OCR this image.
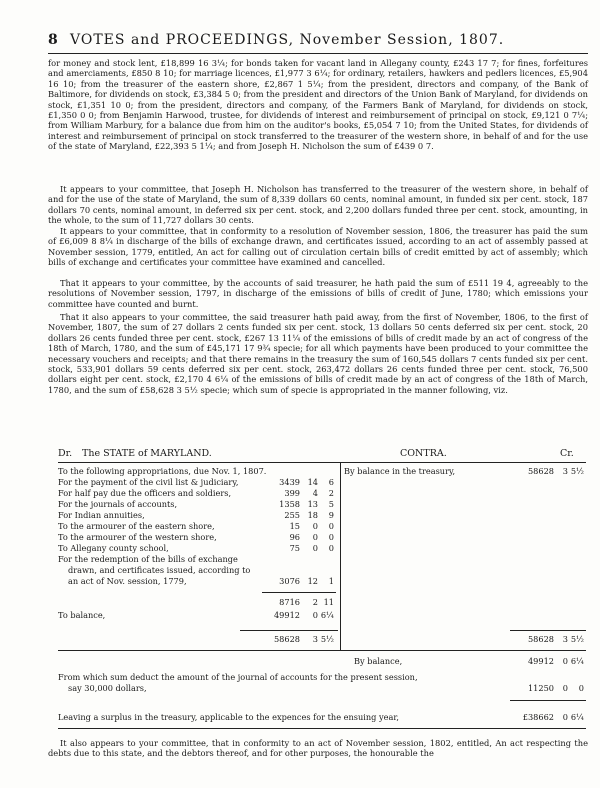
8 VOTES and PROCEEDINGS, November Session, 1807.

for money and stock lent, £18,899 16 3¼; for bonds taken for vacant land in Allegany county, £243 17 7; for fines, forfeitures and amerciaments, £850 8 10; for marriage licences, £1,977 3 6¼; for ordinary, retailers, hawkers and pedlers licences, £5,904 16 10; from the treasurer of the eastern shore, £2,867 1 5¼; from the president, directors and company, of the Bank of Baltimore, for dividends on stock, £3,384 5 0; from the president and directors of the Union Bank of Maryland, for dividends on stock, £1,351 10 0; from the president, directors and company, of the Farmers Bank of Maryland, for dividends on stock, £1,350 0 0; from Benjamin Harwood, trustee, for dividends of interest and reimbursement of principal on stock, £9,121 0 7¼; from William Marbury, for a balance due from him on the auditor's books, £5,054 7 10; from the United States, for dividends of interest and reimbursement of principal on stock transferred to the treasurer of the western shore, in behalf of and for the use of the state of Maryland, £22,393 5 1¼; and from Joseph H. Nicholson the sum of £439 0 7.

It appears to your committee, that Joseph H. Nicholson has transferred to the treasurer of the western shore, in behalf of and for the use of the state of Maryland, the sum of 8,339 dollars 60 cents, nominal amount, in funded six per cent. stock, 187 dollars 70 cents, nominal amount, in deferred six per cent. stock, and 2,200 dollars funded three per cent. stock, amounting, in the whole, to the sum of 11,727 dollars 30 cents.

It appears to your committee, that in conformity to a resolution of November session, 1806, the treasurer has paid the sum of £6,009 8 8¼ in discharge of the bills of exchange drawn, and certificates issued, according to an act of assembly passed at November session, 1779, entitled, An act for calling out of circulation certain bills of credit emitted by act of assembly; which bills of exchange and certificates your committee have examined and cancelled.

That it appears to your committee, by the accounts of said treasurer, he hath paid the sum of £511 19 4, agreeably to the resolutions of November session, 1797, in discharge of the emissions of bills of credit of June, 1780; which emissions your committee have counted and burnt.

That it also appears to your committee, the said treasurer hath paid away, from the first of November, 1806, to the first of November, 1807, the sum of 27 dollars 2 cents funded six per cent. stock, 13 dollars 50 cents deferred six per cent. stock, 20 dollars 26 cents funded three per cent. stock, £267 13 11¼ of the emissions of bills of credit made by an act of congress of the 18th of March, 1780, and the sum of £45,171 17 9¾ specie; for all which payments have been produced to your committee the necessary vouchers and receipts; and that there remains in the treasury the sum of 160,545 dollars 7 cents funded six per cent. stock, 533,901 dollars 59 cents deferred six per cent. stock, 263,472 dollars 26 cents funded three per cent. stock, 76,500 dollars eight per cent. stock, £2,170 4 6¼ of the emissions of bills of credit made by an act of congress of the 18th of March, 1780, and the sum of £58,628 3 5½ specie; which sum of specie is appropriated in the manner following, viz.

Dr. The STATE of MARYLAND.	CONTRA.	Cr.
To the following appropriations, due Nov. 1, 1807.
For the payment of the civil list & judiciary,	3439 14	6
For half pay due the officers and soldiers,	399	4	2
For the journals of accounts,	1358 13	5
For Indian annuities,	255 18	9
To the armourer of the eastern shore,	15	0	0
To the armourer of the western shore,	96	0	0
To Allegany county school,	75	0	0
For the redemption of the bills of exchange
drawn, and certificates issued, according to
an act of Nov. session, 1779,	3076 12	1
8716	2 11
To balance,	49912	0 6¼
58628	3 5½
By balance in the treasury,	58628	3 5½
58628	3 5½
By balance,	49912	0 6¼
From which sum deduct the amount of the journal of accounts for the present session,
say 30,000 dollars,	11250	0	0
Leaving a surplus in the treasury, applicable to the expences for the ensuing year,	£38662	0 6¼

It also appears to your committee, that in conformity to an act of November session, 1802, entitled, An act respecting the debts due to this state, and the debtors thereof, and for other purposes, the honourable the
